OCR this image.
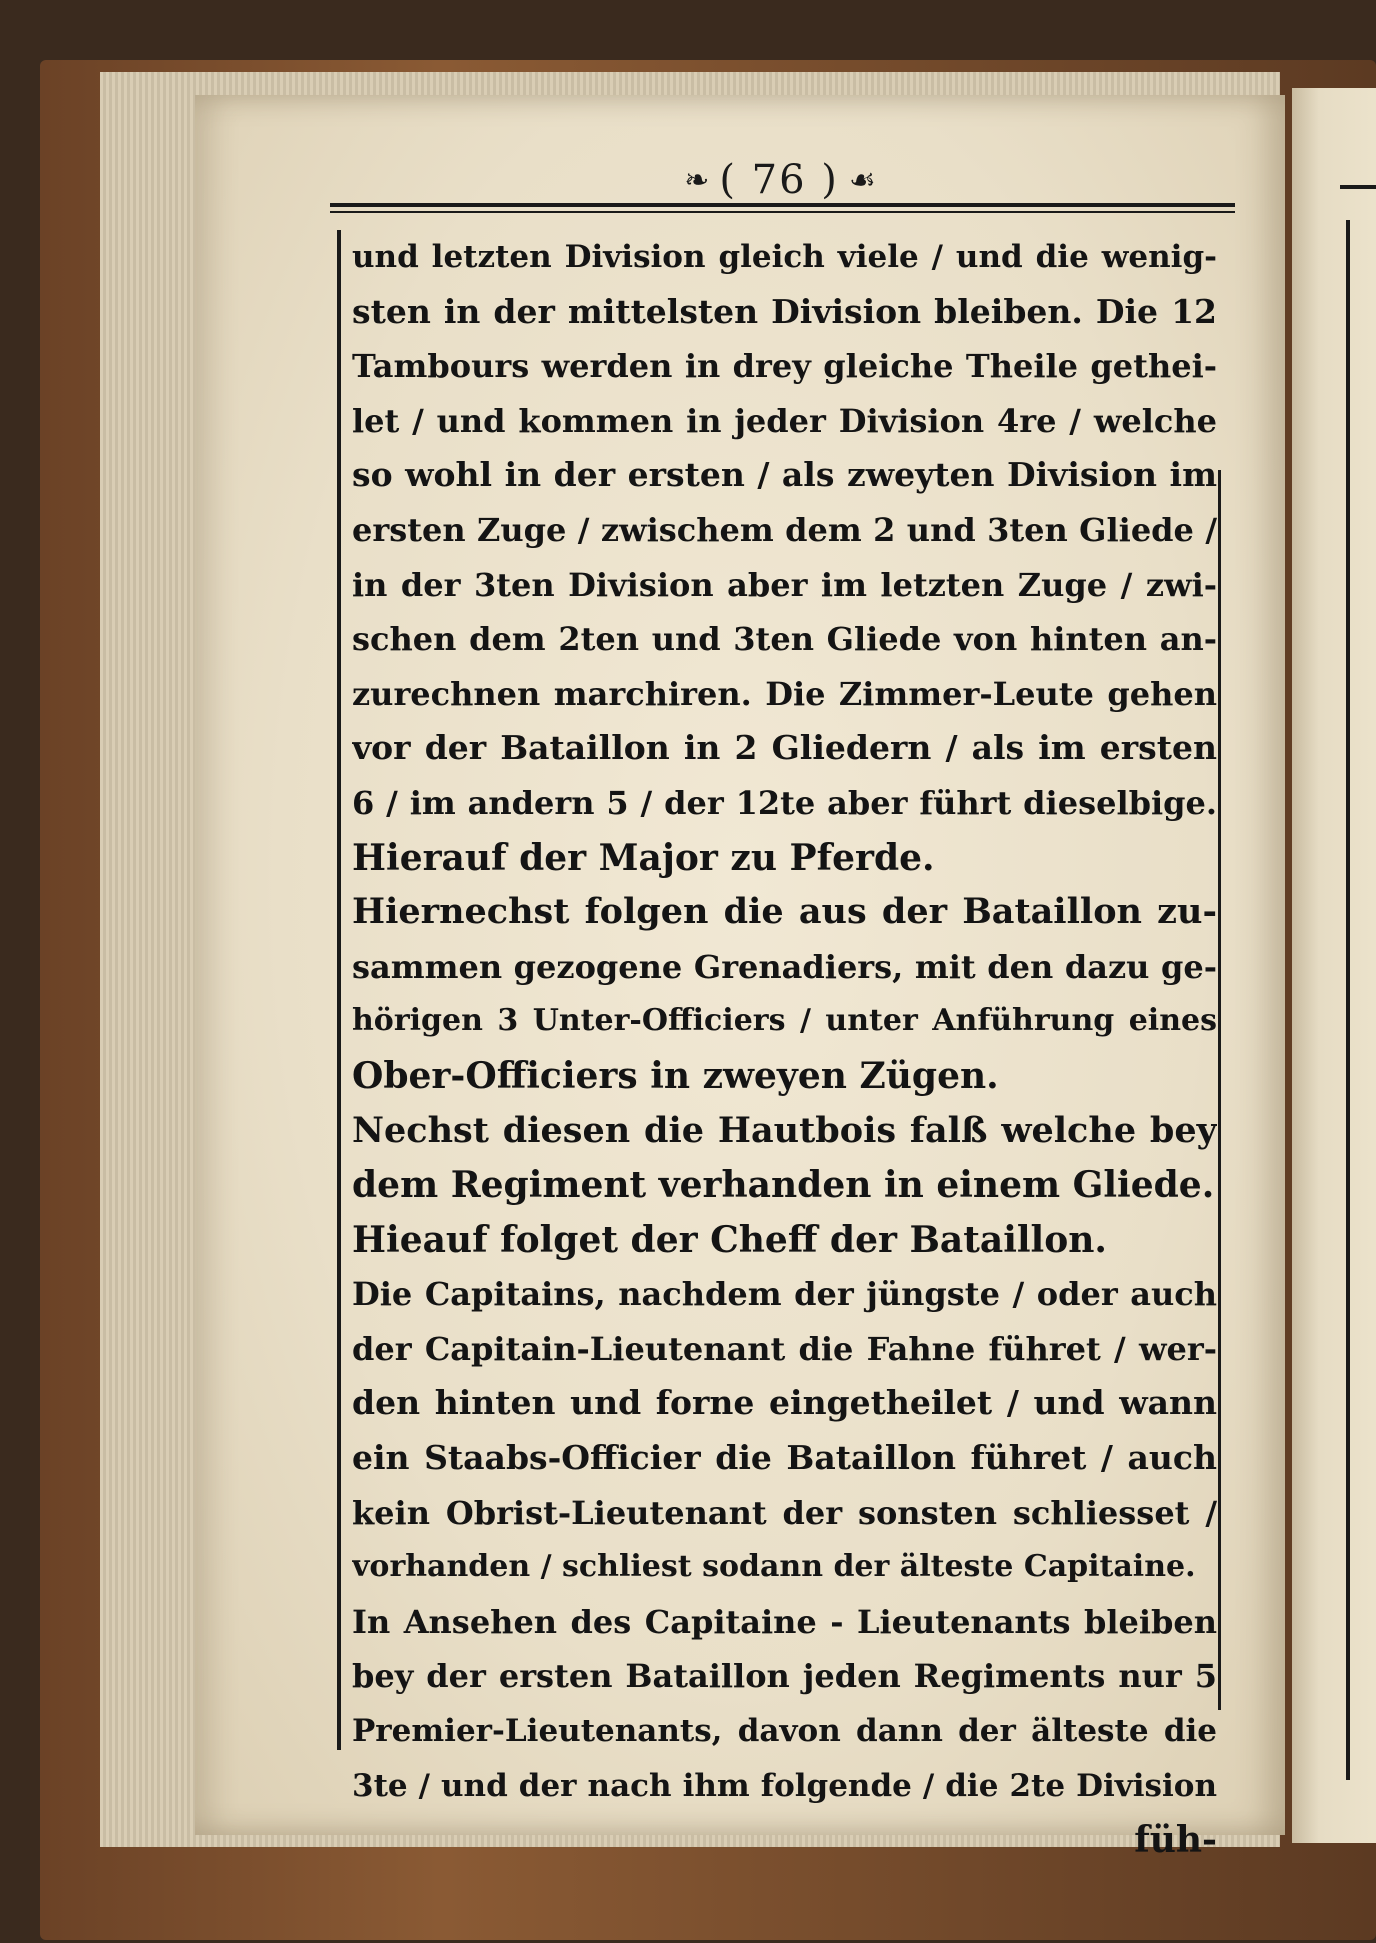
❧ ( 76 ) ☙
und letzten Division gleich viele / und die wenig-
sten in der mittelsten Division bleiben. Die 12
Tambours werden in drey gleiche Theile gethei-
let / und kommen in jeder Division 4re / welche
so wohl in der ersten / als zweyten Division im
ersten Zuge / zwischem dem 2 und 3ten Gliede /
in der 3ten Division aber im letzten Zuge / zwi-
schen dem 2ten und 3ten Gliede von hinten an-
zurechnen marchiren. Die Zimmer-Leute gehen
vor der Bataillon in 2 Gliedern / als im ersten
6 / im andern 5 / der 12te aber führt dieselbige.
Hierauf der Major zu Pferde.
Hiernechst folgen die aus der Bataillon zu-
sammen gezogene Grenadiers, mit den dazu ge-
hörigen 3 Unter-Officiers / unter Anführung eines
Ober-Officiers in zweyen Zügen.
Nechst diesen die Hautbois falß welche bey
dem Regiment verhanden in einem Gliede.
Hieauf folget der Cheff der Bataillon.
Die Capitains, nachdem der jüngste / oder auch
der Capitain-Lieutenant die Fahne führet / wer-
den hinten und forne eingetheilet / und wann
ein Staabs-Officier die Bataillon führet / auch
kein Obrist-Lieutenant der sonsten schliesset /
vorhanden / schliest sodann der älteste Capitaine.
In Ansehen des Capitaine - Lieutenants bleiben
bey der ersten Bataillon jeden Regiments nur 5
Premier-Lieutenants, davon dann der älteste die
3te / und der nach ihm folgende / die 2te Division
füh-
